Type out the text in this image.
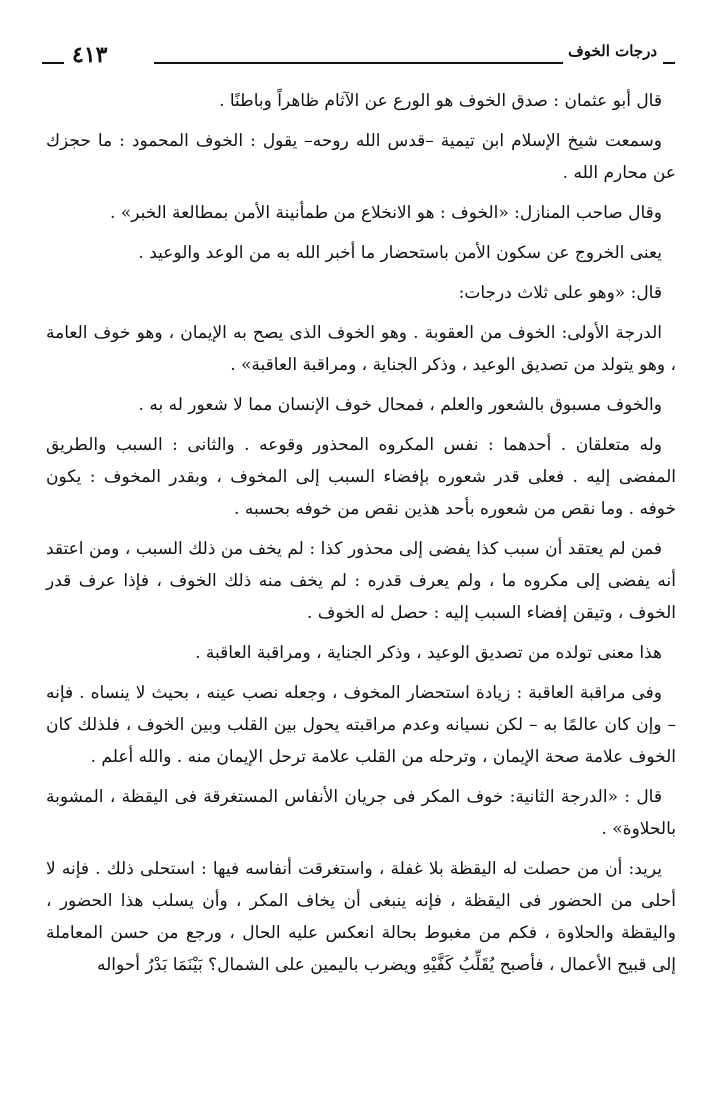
درجات الخوف
٤١٣

قال أبو عثمان : صدق الخوف هو الورع عن الآثام ظاهراً وباطنًا .

وسمعت شيخ الإسلام ابن تيمية –قدس الله روحه– يقول : الخوف المحمود : ما حجزك عن محارم الله .

وقال صاحب المنازل: «الخوف : هو الانخلاع من طمأنينة الأمن بمطالعة الخبر» .

يعنى الخروج عن سكون الأمن باستحضار ما أخبر الله به من الوعد والوعيد .

قال: «وهو على ثلاث درجات:

الدرجة الأولى: الخوف من العقوبة . وهو الخوف الذى يصح به الإيمان ، وهو خوف العامة ، وهو يتولد من تصديق الوعيد ، وذكر الجناية ، ومراقبة العاقبة» .

والخوف مسبوق بالشعور والعلم ، فمحال خوف الإنسان مما لا شعور له به .

وله متعلقان . أحدهما : نفس المكروه المحذور وقوعه . والثانى : السبب والطريق المفضى إليه . فعلى قدر شعوره بإفضاء السبب إلى المخوف ، وبقدر المخوف : يكون خوفه . وما نقص من شعوره بأحد هذين نقص من خوفه بحسبه .

فمن لم يعتقد أن سبب كذا يفضى إلى محذور كذا : لم يخف من ذلك السبب ، ومن اعتقد أنه يفضى إلى مكروه ما ، ولم يعرف قدره : لم يخف منه ذلك الخوف ، فإذا عرف قدر الخوف ، وتيقن إفضاء السبب إليه : حصل له الخوف .

هذا معنى تولده من تصديق الوعيد ، وذكر الجناية ، ومراقبة العاقبة .

وفى مراقبة العاقبة : زيادة استحضار المخوف ، وجعله نصب عينه ، بحيث لا ينساه . فإنه – وإن كان عالمًا به – لكن نسيانه وعدم مراقبته يحول بين القلب وبين الخوف ، فلذلك كان الخوف علامة صحة الإيمان ، وترحله من القلب علامة ترحل الإيمان منه . والله أعلم .

قال : «الدرجة الثانية: خوف المكر فى جريان الأنفاس المستغرقة فى اليقظة ، المشوبة بالحلاوة» .

يريد: أن من حصلت له اليقظة بلا غفلة ، واستغرقت أنفاسه فيها : استحلى ذلك . فإنه لا أحلى من الحضور فى اليقظة ، فإنه ينبغى أن يخاف المكر ، وأن يسلب هذا الحضور ، واليقظة والحلاوة ، فكم من مغبوط بحالة انعكس عليه الحال ، ورجع من حسن المعاملة إلى قبيح الأعمال ، فأصبح يُقَلِّبُ كَفَّيْهِ ويضرب باليمين على الشمال؟ بَيْنَمَا بَدْرُ أحواله
